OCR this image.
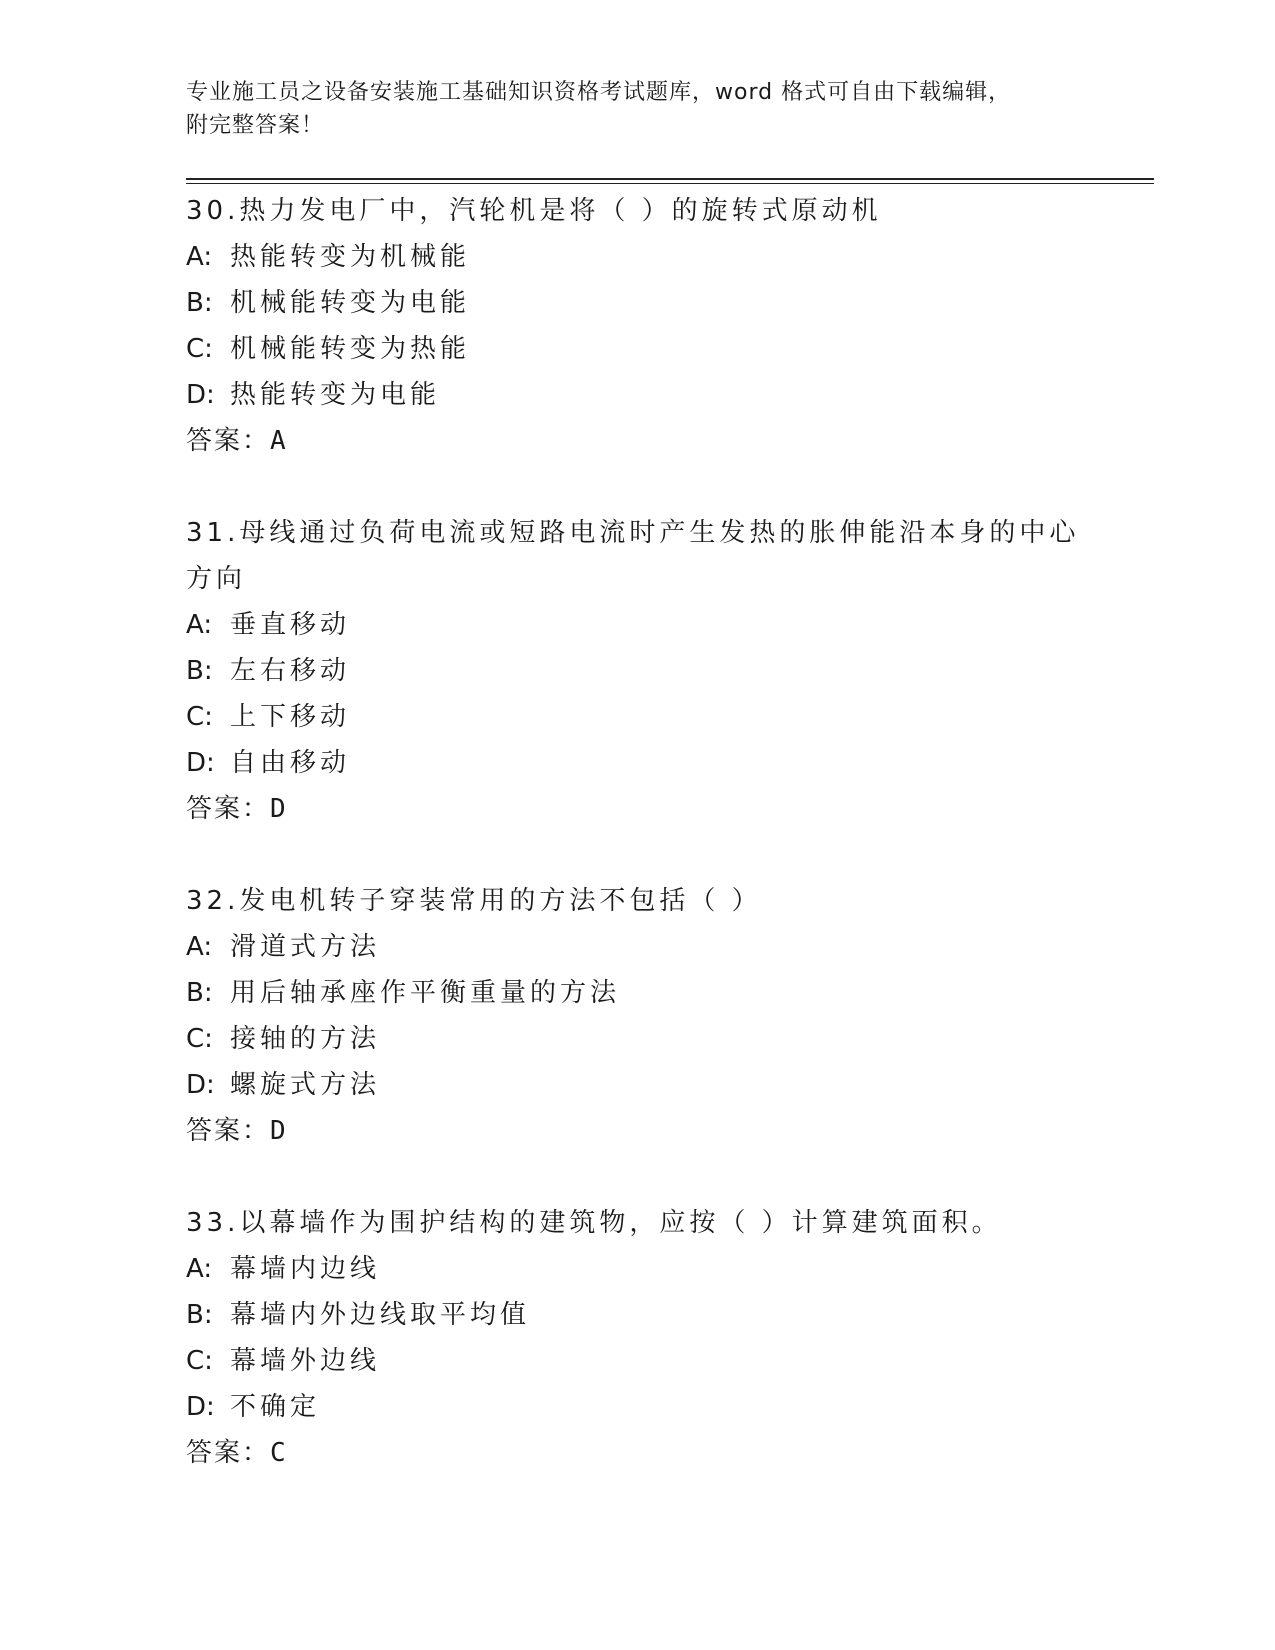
专业施工员之设备安装施工基础知识资格考试题库，word 格式可自由下载编辑，
附完整答案！
30.热力发电厂中，汽轮机是将（ ）的旋转式原动机
A: 热能转变为机械能
B: 机械能转变为电能
C: 机械能转变为热能
D: 热能转变为电能
答案：A
31.母线通过负荷电流或短路电流时产生发热的胀伸能沿本身的中心方向
A: 垂直移动
B: 左右移动
C: 上下移动
D: 自由移动
答案：D
32.发电机转子穿装常用的方法不包括（ ）
A: 滑道式方法
B: 用后轴承座作平衡重量的方法
C: 接轴的方法
D: 螺旋式方法
答案：D
33.以幕墙作为围护结构的建筑物，应按（ ）计算建筑面积。
A: 幕墙内边线
B: 幕墙内外边线取平均值
C: 幕墙外边线
D: 不确定
答案：C
